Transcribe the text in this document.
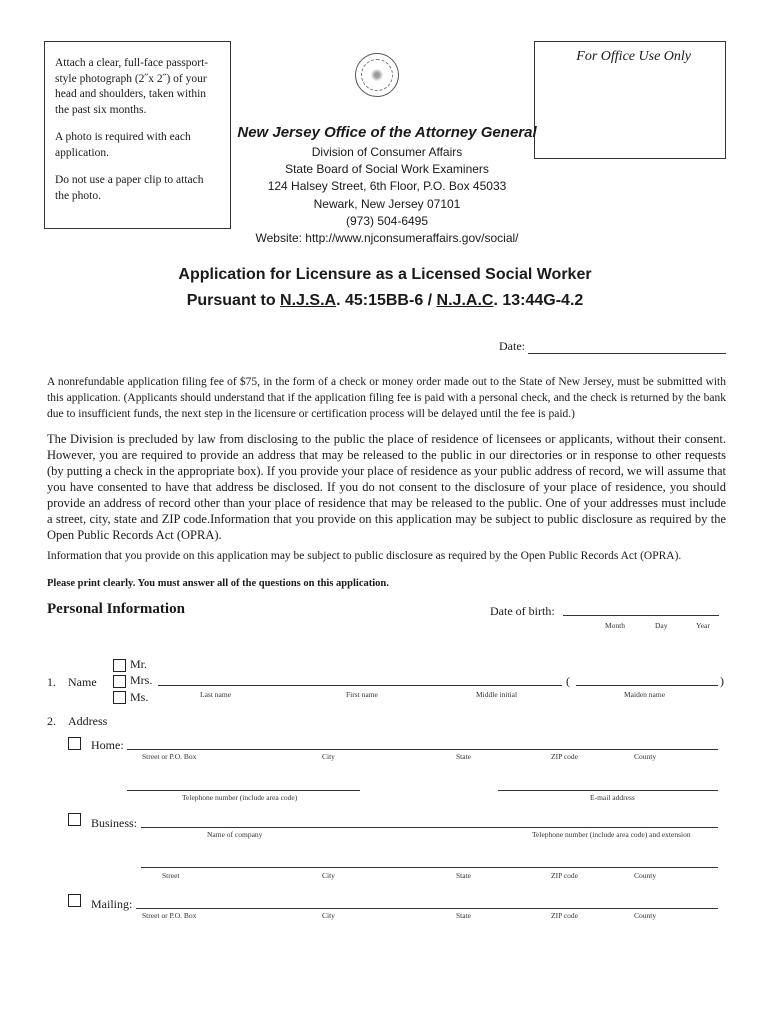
Attach a clear, full-face passport-style photograph (2˝x 2˝) of your head and shoulders, taken within the past six months.

A photo is required with each application.

Do not use a paper clip to attach the photo.

For Office Use Only
New Jersey Office of the Attorney General
Division of Consumer Affairs
State Board of Social Work Examiners
124 Halsey Street, 6th Floor, P.O. Box 45033
Newark, New Jersey 07101
(973) 504-6495
Website: http://www.njconsumeraffairs.gov/social/
Application for Licensure as a Licensed Social Worker
Pursuant to N.J.S.A. 45:15BB-6 / N.J.A.C. 13:44G-4.2
Date:
A nonrefundable application filing fee of $75, in the form of a check or money order made out to the State of New Jersey, must be submitted with this application. (Applicants should understand that if the application filing fee is paid with a personal check, and the check is returned by the bank due to insufficient funds, the next step in the licensure or certification process will be delayed until the fee is paid.)
The Division is precluded by law from disclosing to the public the place of residence of licensees or applicants, without their consent. However, you are required to provide an address that may be released to the public in our directories or in response to other requests (by putting a check in the appropriate box). If you provide your place of residence as your public address of record, we will assume that you have consented to have that address be disclosed. If you do not consent to the disclosure of your place of residence, you should provide an address of record other than your place of residence that may be released to the public. One of your addresses must include a street, city, state and ZIP code.Information that you provide on this application may be subject to public disclosure as required by the Open Public Records Act (OPRA).
Information that you provide on this application may be subject to public disclosure as required by the Open Public Records Act (OPRA).
Please print clearly. You must answer all of the questions on this application.
Personal Information	Date of birth:
Month	Day	Year
1. Name
Mr.
Mrs.
Ms.
(	)
Last name	First name	Middle initial	Maiden name
2. Address
Home:
Street or P.O. Box	City	State	ZIP code	County
Telephone number (include area code)	E-mail address
Business:
Name of company	Telephone number (include area code) and extension
Street	City	State	ZIP code	County
Mailing:
Street or P.O. Box	City	State	ZIP code	County
